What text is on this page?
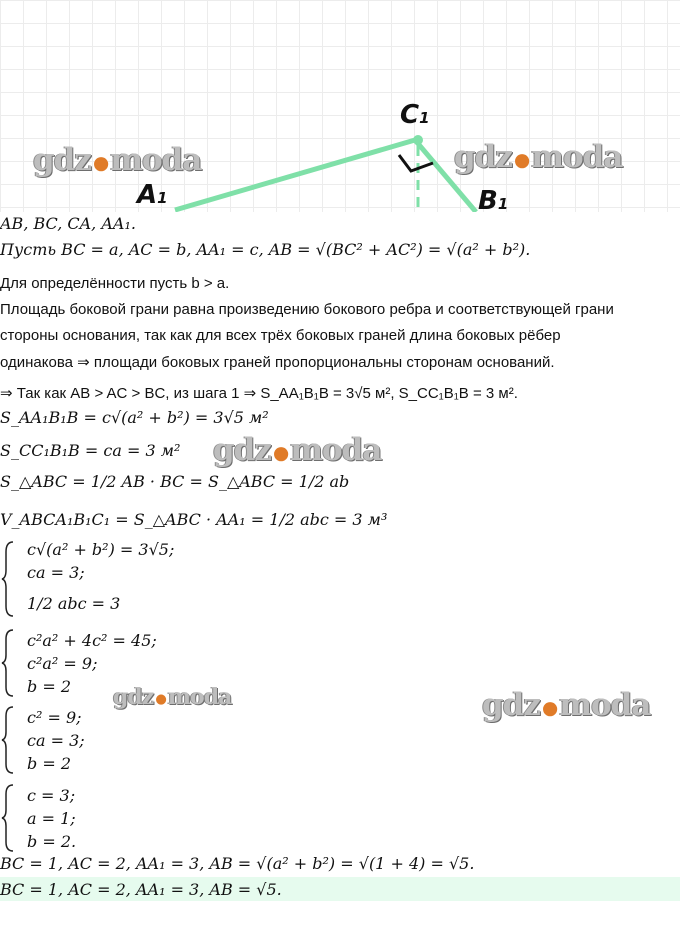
C1
A1	B1
gdz ●moda	gdz ●moda
gdz ●moda
gdz ●moda	gdz ●moda
AB, BC, CA, AA₁.
Пусть BC = a, AC = b, AA₁ = c, AB = √(BC² + AC²) = √(a² + b²).
Для определённости пусть b > a.
Площадь боковой грани равна произведению бокового ребра и соответствующей грани
стороны основания, так как для всех трёх боковых граней длина боковых рёбер
одинакова ⇒ площади боковых граней пропорциональны сторонам оснований.
⇒ Так как AB > AC > BC, из шага 1 ⇒ S_AA₁B₁B = 3√5 м², S_CC₁B₁B = 3 м².
S_AA₁B₁B = c√(a² + b²) = 3√5 м²
S_CC₁B₁B = ca = 3 м²
S_△ABC = 1/2 AB · BC = S_△ABC = 1/2 ab
V_ABCA₁B₁C₁ = S_△ABC · AA₁ = 1/2 abc = 3 м³
c√(a² + b²) = 3√5;
ca = 3;
1/2 abc = 3
c²a² + 4c² = 45;
c²a² = 9;
b = 2
c² = 9;
ca = 3;
b = 2
c = 3;
a = 1;
b = 2.
BC = 1, AC = 2, AA₁ = 3, AB = √(a² + b²) = √(1 + 4) = √5.
BC = 1, AC = 2, AA₁ = 3, AB = √5.
